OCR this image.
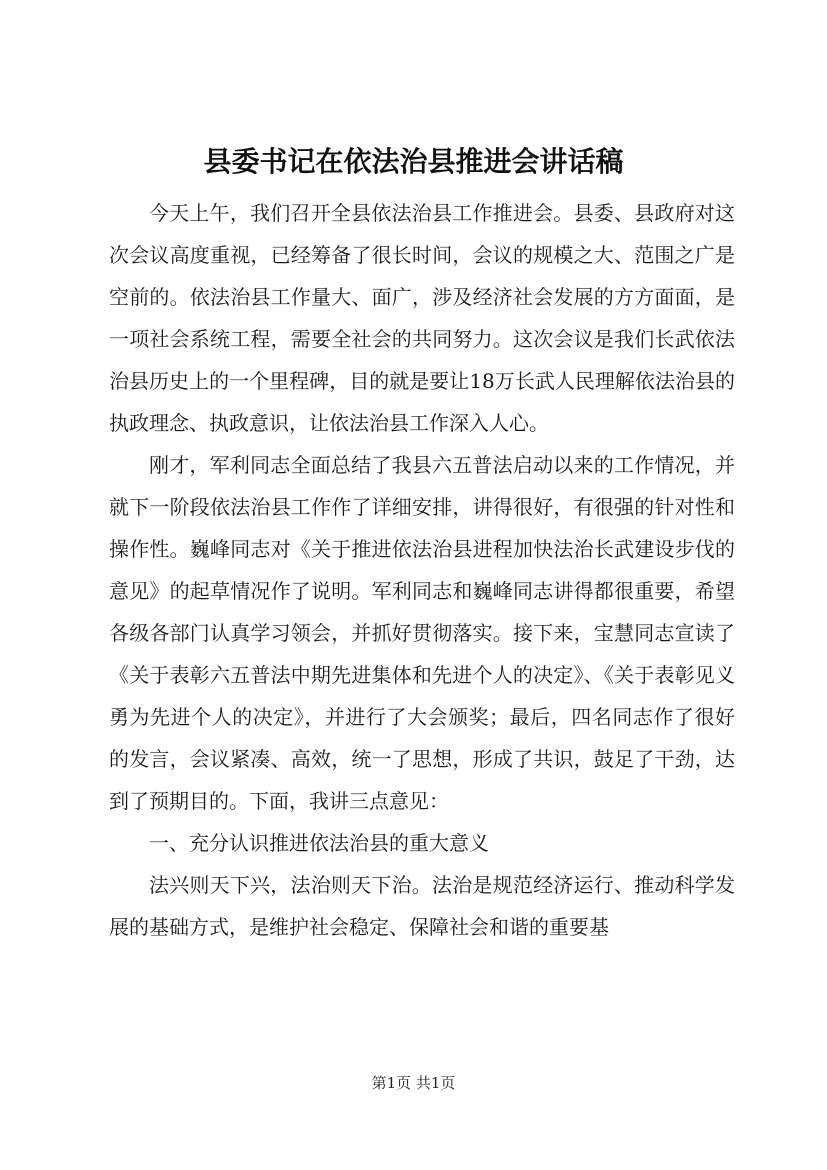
县委书记在依法治县推进会讲话稿

今天上午，我们召开全县依法治县工作推进会。县委、县政府对这次会议高度重视，已经筹备了很长时间，会议的规模之大、范围之广是空前的。依法治县工作量大、面广，涉及经济社会发展的方方面面，是一项社会系统工程，需要全社会的共同努力。这次会议是我们长武依法治县历史上的一个里程碑，目的就是要让18万长武人民理解依法治县的执政理念、执政意识，让依法治县工作深入人心。

刚才，军利同志全面总结了我县六五普法启动以来的工作情况，并就下一阶段依法治县工作作了详细安排，讲得很好，有很强的针对性和操作性。巍峰同志对《关于推进依法治县进程加快法治长武建设步伐的意见》的起草情况作了说明。军利同志和巍峰同志讲得都很重要，希望各级各部门认真学习领会，并抓好贯彻落实。接下来，宝慧同志宣读了《关于表彰六五普法中期先进集体和先进个人的决定》、《关于表彰见义勇为先进个人的决定》，并进行了大会颁奖；最后，四名同志作了很好的发言，会议紧凑、高效，统一了思想，形成了共识，鼓足了干劲，达到了预期目的。下面，我讲三点意见：

一、充分认识推进依法治县的重大意义

法兴则天下兴，法治则天下治。法治是规范经济运行、推动科学发展的基础方式，是维护社会稳定、保障社会和谐的重要基

第1页 共1页
